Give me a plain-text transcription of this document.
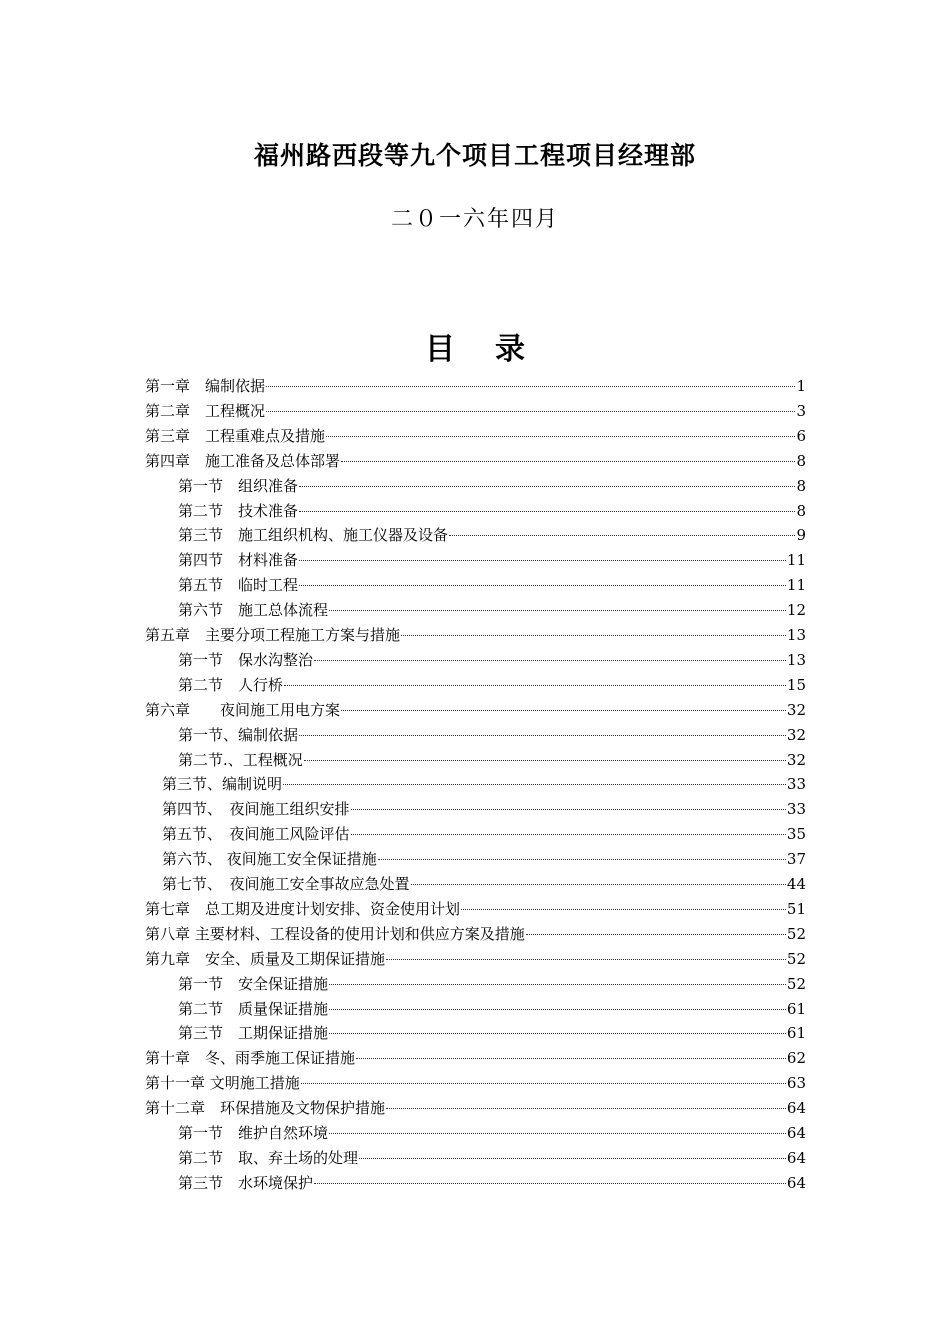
福州路西段等九个项目工程项目经理部
二０一六年四月
目 录
第一章　编制依据	1
第二章　工程概况	3
第三章　工程重难点及措施	6
第四章　施工准备及总体部署	8
第一节　组织准备	8
第二节　技术准备	8
第三节　施工组织机构、施工仪器及设备	9
第四节　材料准备	11
第五节　临时工程	11
第六节　施工总体流程	12
第五章　主要分项工程施工方案与措施	13
第一节　保水沟整治	13
第二节　人行桥	15
第六章　　夜间施工用电方案	32
第一节、编制依据	32
第二节.、工程概况	32
第三节、编制说明	33
第四节、　夜间施工组织安排	33
第五节、　夜间施工风险评估	35
第六节、 夜间施工安全保证措施	37
第七节、　夜间施工安全事故应急处置	44
第七章　总工期及进度计划安排、资金使用计划	51
第八章 主要材料、工程设备的使用计划和供应方案及措施	52
第九章　安全、质量及工期保证措施	52
第一节　安全保证措施	52
第二节　质量保证措施	61
第三节　工期保证措施	61
第十章　冬、雨季施工保证措施	62
第十一章 文明施工措施	63
第十二章　环保措施及文物保护措施	64
第一节　维护自然环境	64
第二节　取、弃土场的处理	64
第三节　水环境保护	64
